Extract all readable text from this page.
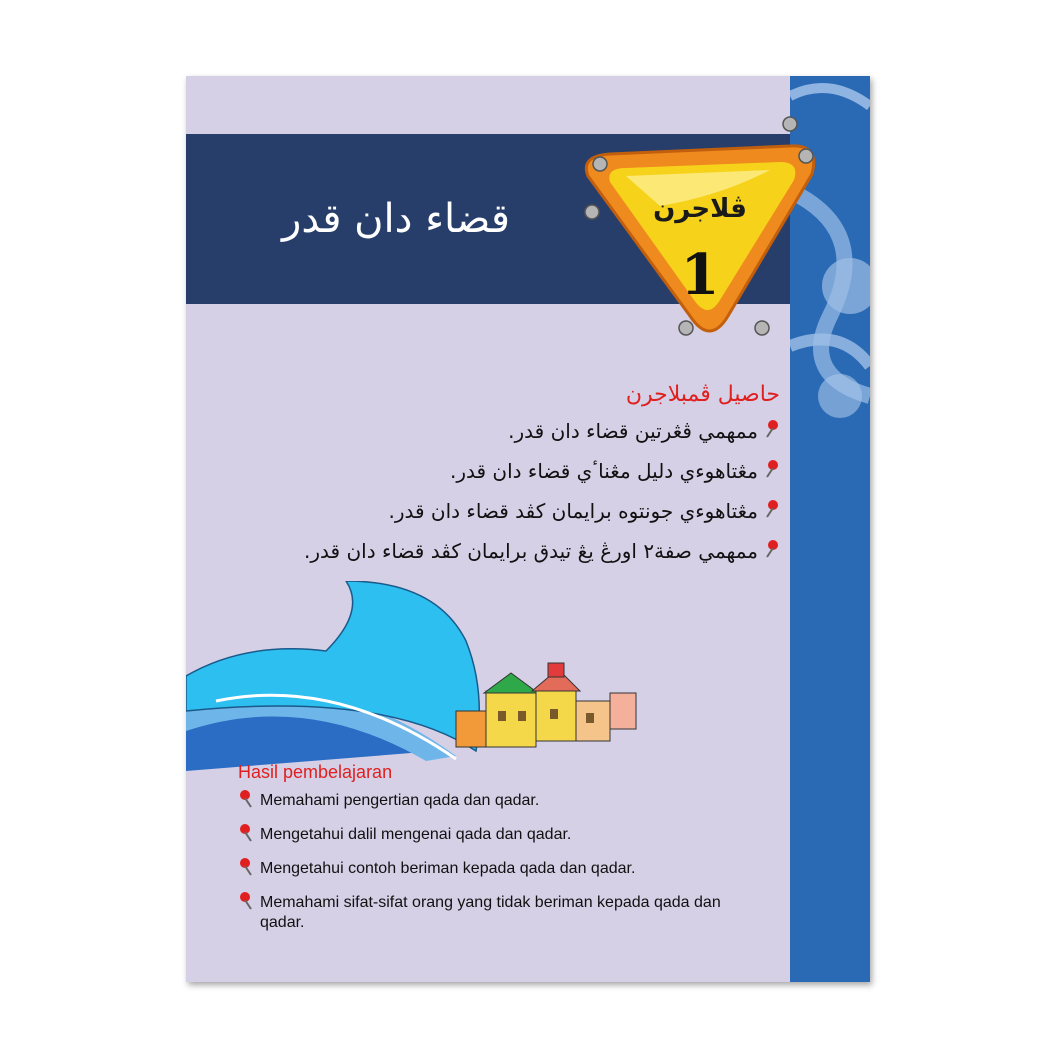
قضاء دان قدر	ڤلاجرن
1
حاصيل ڤمبلاجرن
ممهمي ڤڠرتين قضاء دان قدر.
مڠتاهوءي دليل مڠناٴي قضاء دان قدر.
مڠتاهوءي جونتوه برايمان كڤد قضاء دان قدر.
ممهمي صفة٢ اورڠ يڠ تيدق برايمان كڤد قضاء دان قدر.
Hasil pembelajaran
Memahami pengertian qada dan qadar.
Mengetahui dalil mengenai qada dan qadar.
Mengetahui contoh beriman kepada qada dan qadar.
Memahami sifat-sifat orang yang tidak beriman kepada qada dan qadar.
